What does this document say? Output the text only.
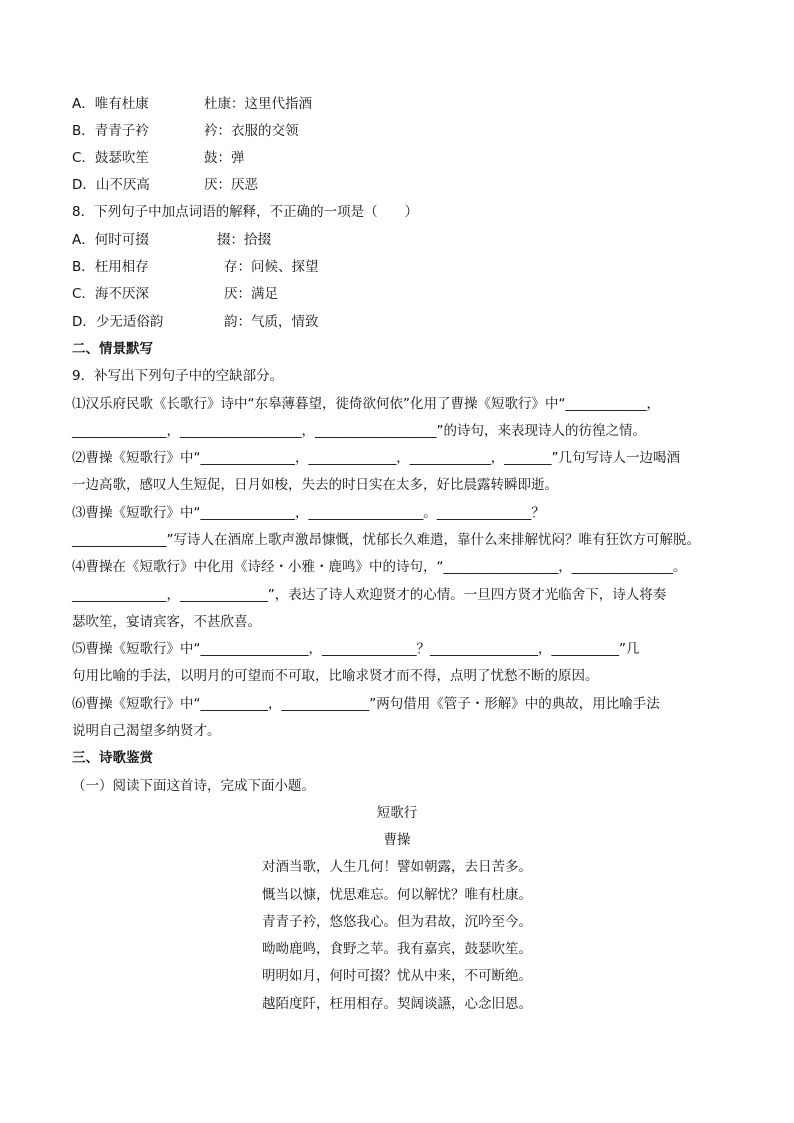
A．唯有杜康	杜康：这里代指酒
B．青青子衿	衿：衣服的交领
C．鼓瑟吹笙	鼓：弹
D．山不厌高	厌：厌恶
8．下列句子中加点词语的解释，不正确的一项是（　　）
A．何时可掇	掇：拾掇
B．枉用相存	存：问候、探望
C．海不厌深	厌：满足
D．少无适俗韵	韵：气质，情致
二、情景默写
9．补写出下列句子中的空缺部分。
⑴汉乐府民歌《长歌行》诗中“东皋薄暮望，徙倚欲何依”化用了曹操《短歌行》中“____________，
______________，__________________，__________________”的诗句，来表现诗人的彷徨之情。
⑵曹操《短歌行》中“______________，_____________，____________，_______”几句写诗人一边喝酒
一边高歌，感叹人生短促，日月如梭，失去的时日实在太多，好比晨露转瞬即逝。
⑶曹操《短歌行》中“______________，_________________。______________？
______________”写诗人在酒席上歌声激昂慷慨，忧郁长久难遣，靠什么来排解忧闷？唯有狂饮方可解脱。
⑷曹操在《短歌行》中化用《诗经・小雅・鹿鸣》中的诗句，“_________________，_______________。
______________，_____________”，表达了诗人欢迎贤才的心情。一旦四方贤才光临舍下，诗人将奏
瑟吹笙，宴请宾客，不甚欣喜。
⑸曹操《短歌行》中“________________，______________？________________，__________”几
句用比喻的手法，以明月的可望而不可取，比喻求贤才而不得，点明了忧愁不断的原因。
⑹曹操《短歌行》中“__________，_____________”两句借用《管子・形解》中的典故，用比喻手法
说明自己渴望多纳贤才。
三、诗歌鉴赏
（一）阅读下面这首诗，完成下面小题。
短歌行
曹操
对酒当歌，人生几何！譬如朝露，去日苦多。
慨当以慷，忧思难忘。何以解忧？唯有杜康。
青青子衿，悠悠我心。但为君故，沉吟至今。
呦呦鹿鸣，食野之苹。我有嘉宾，鼓瑟吹笙。
明明如月，何时可掇？忧从中来，不可断绝。
越陌度阡，枉用相存。契阔谈讌，心念旧恩。
